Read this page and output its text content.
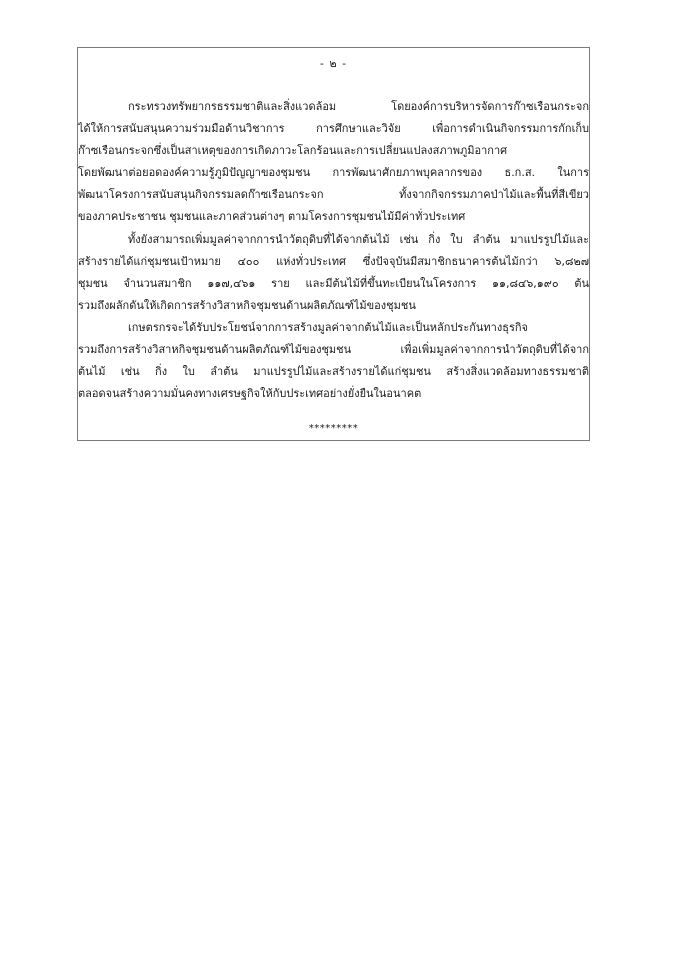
- ๒ -

กระทรวงทรัพยากรธรรมชาติและสิ่งแวดล้อม โดยองค์การบริหารจัดการก๊าซเรือนกระจก
ได้ให้การสนับสนุนความร่วมมือด้านวิชาการ การศึกษาและวิจัย เพื่อการดำเนินกิจกรรมการกักเก็บ
ก๊าซเรือนกระจกซึ่งเป็นสาเหตุของการเกิดภาวะโลกร้อนและการเปลี่ยนแปลงสภาพภูมิอากาศ
โดยพัฒนาต่อยอดองค์ความรู้ภูมิปัญญาของชุมชน การพัฒนาศักยภาพบุคลากรของ ธ.ก.ส. ในการ
พัฒนาโครงการสนับสนุนกิจกรรมลดก๊าซเรือนกระจก ทั้งจากกิจกรรมภาคป่าไม้และพื้นที่สีเขียว
ของภาคประชาชน ชุมชนและภาคส่วนต่างๆ ตามโครงการชุมชนไม้มีค่าทั่วประเทศ

ทั้งยังสามารถเพิ่มมูลค่าจากการนำวัตถุดิบที่ได้จากต้นไม้ เช่น กิ่ง ใบ ลำต้น มาแปรรูปไม้และ
สร้างรายได้แก่ชุมชนเป้าหมาย ๔๐๐ แห่งทั่วประเทศ ซึ่งปัจจุบันมีสมาชิกธนาคารต้นไม้กว่า ๖,๘๒๗
ชุมชน จำนวนสมาชิก ๑๑๗,๔๖๑ ราย และมีต้นไม้ที่ขึ้นทะเบียนในโครงการ ๑๑,๘๔๖,๑๙๐ ต้น
รวมถึงผลักดันให้เกิดการสร้างวิสาหกิจชุมชนด้านผลิตภัณฑ์ไม้ของชุมชน

เกษตรกรจะได้รับประโยชน์จากการสร้างมูลค่าจากต้นไม้และเป็นหลักประกันทางธุรกิจ
รวมถึงการสร้างวิสาหกิจชุมชนด้านผลิตภัณฑ์ไม้ของชุมชน เพื่อเพิ่มมูลค่าจากการนำวัตถุดิบที่ได้จาก
ต้นไม้ เช่น กิ่ง ใบ ลำต้น มาแปรรูปไม้และสร้างรายได้แก่ชุมชน สร้างสิ่งแวดล้อมทางธรรมชาติ
ตลอดจนสร้างความมั่นคงทางเศรษฐกิจให้กับประเทศอย่างยั่งยืนในอนาคต

*********
